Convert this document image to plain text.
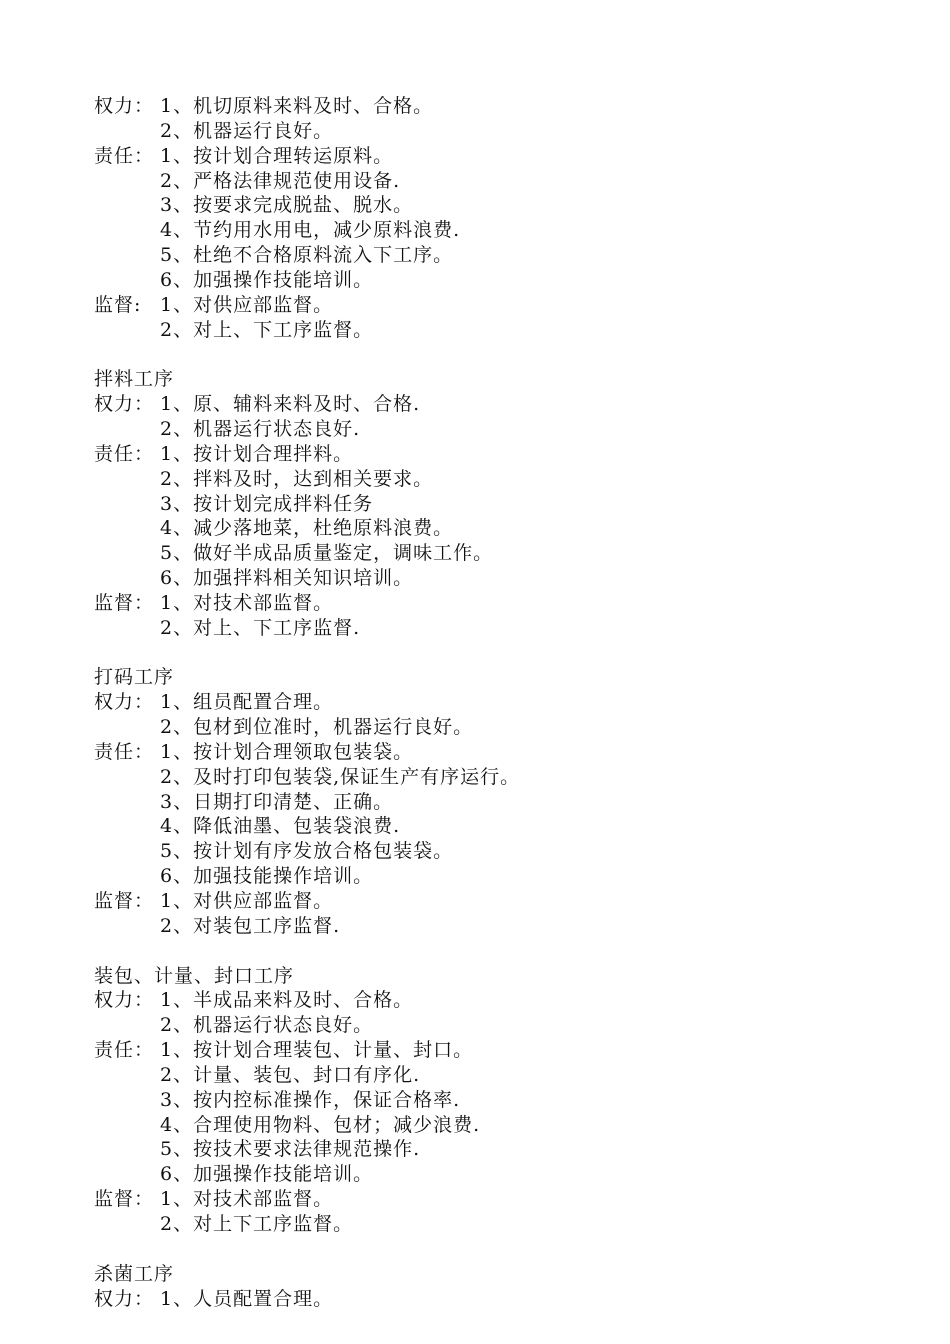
权力： 1、机切原料来料及时、合格。
2、机器运行良好。
责任： 1、按计划合理转运原料。
2、严格法律规范使用设备.
3、按要求完成脱盐、脱水。
4、节约用水用电，减少原料浪费.
5、杜绝不合格原料流入下工序。
6、加强操作技能培训。
监督: 1、对供应部监督。
2、对上、下工序监督。
拌料工序
权力： 1、原、辅料来料及时、合格.
2、机器运行状态良好.
责任： 1、按计划合理拌料。
2、拌料及时，达到相关要求。
3、按计划完成拌料任务
4、减少落地菜，杜绝原料浪费。
5、做好半成品质量鉴定，调味工作。
6、加强拌料相关知识培训。
监督： 1、对技术部监督。
2、对上、下工序监督.
打码工序
权力： 1、组员配置合理。
2、包材到位准时，机器运行良好。
责任： 1、按计划合理领取包装袋。
2、及时打印包装袋,保证生产有序运行。
3、日期打印清楚、正确。
4、降低油墨、包装袋浪费.
5、按计划有序发放合格包装袋。
6、加强技能操作培训。
监督： 1、对供应部监督。
2、对装包工序监督.
装包、计量、封口工序
权力： 1、半成品来料及时、合格。
2、机器运行状态良好。
责任： 1、按计划合理装包、计量、封口。
2、计量、装包、封口有序化.
3、按内控标准操作，保证合格率.
4、合理使用物料、包材；减少浪费.
5、按技术要求法律规范操作.
6、加强操作技能培训。
监督： 1、对技术部监督。
2、对上下工序监督。
杀菌工序
权力： 1、人员配置合理。
